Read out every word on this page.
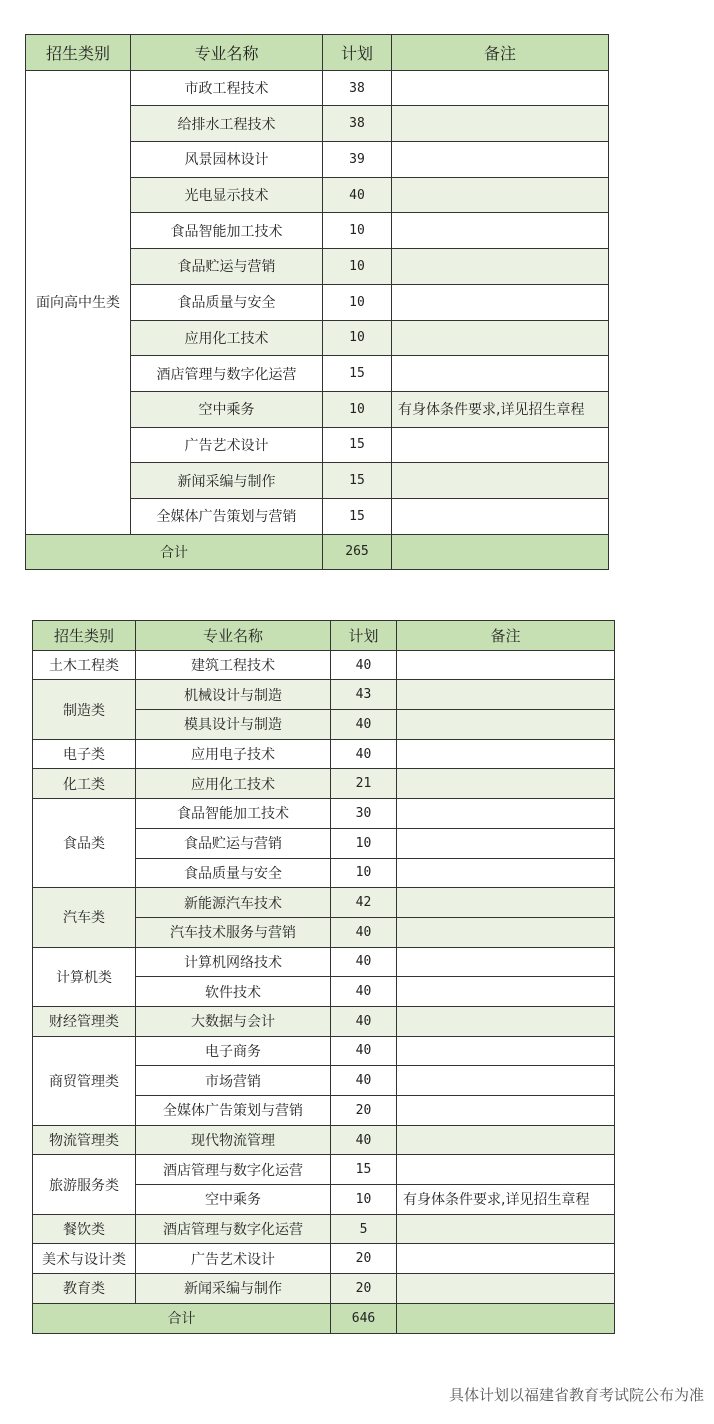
招生类别	专业名称	计划	备注
面向高中生类	市政工程技术	38	
	给排水工程技术	38	
	风景园林设计	39	
	光电显示技术	40	
	食品智能加工技术	10	
	食品贮运与营销	10	
	食品质量与安全	10	
	应用化工技术	10	
	酒店管理与数字化运营	15	
	空中乘务	10	有身体条件要求,详见招生章程
	广告艺术设计	15	
	新闻采编与制作	15	
	全媒体广告策划与营销	15	
合计		265	
招生类别	专业名称	计划	备注
土木工程类	建筑工程技术	40	
制造类	机械设计与制造	43	
	模具设计与制造	40	
电子类	应用电子技术	40	
化工类	应用化工技术	21	
食品类	食品智能加工技术	30	
	食品贮运与营销	10	
	食品质量与安全	10	
汽车类	新能源汽车技术	42	
	汽车技术服务与营销	40	
计算机类	计算机网络技术	40	
	软件技术	40	
财经管理类	大数据与会计	40	
商贸管理类	电子商务	40	
	市场营销	40	
	全媒体广告策划与营销	20	
物流管理类	现代物流管理	40	
旅游服务类	酒店管理与数字化运营	15	
	空中乘务	10	有身体条件要求,详见招生章程
餐饮类	酒店管理与数字化运营	5	
美术与设计类	广告艺术设计	20	
教育类	新闻采编与制作	20	
合计		646	
具体计划以福建省教育考试院公布为准
